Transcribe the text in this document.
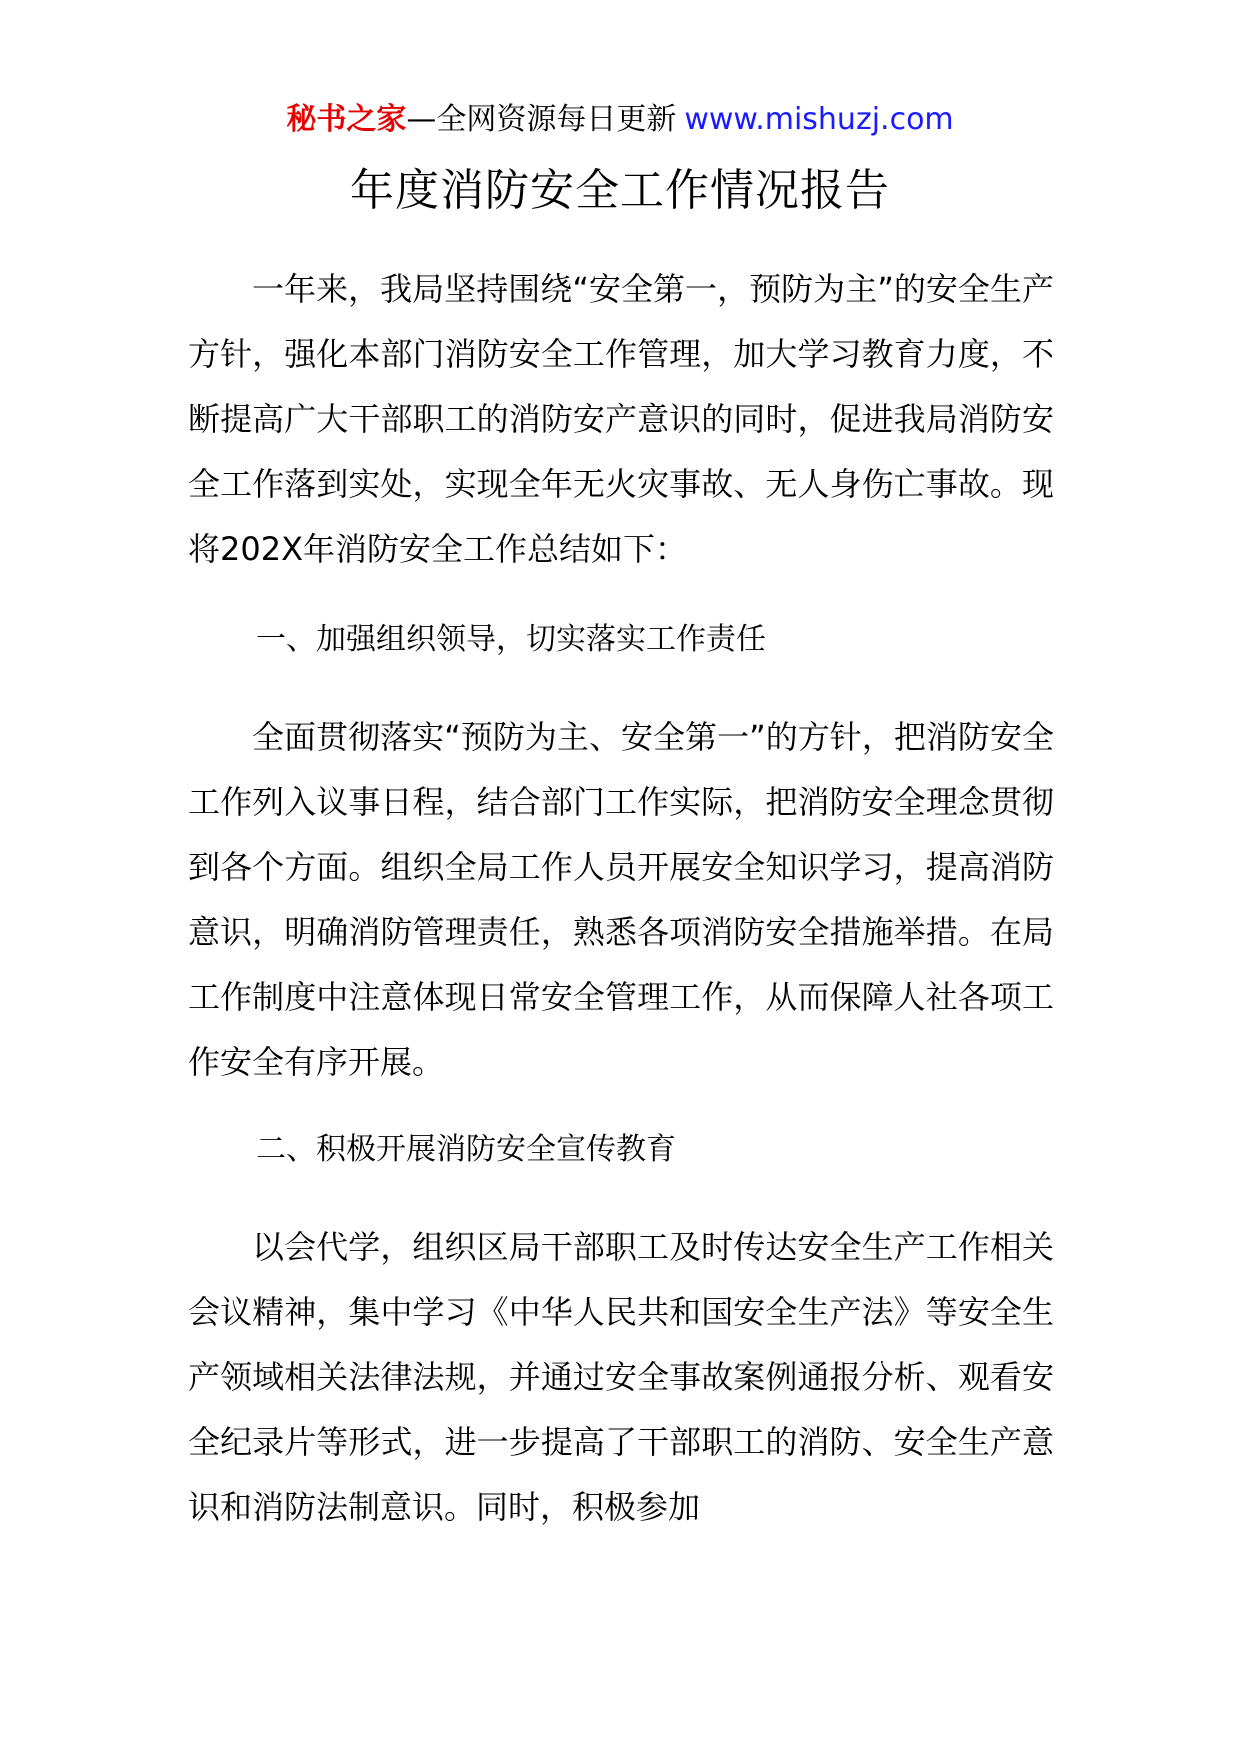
秘书之家—全网资源每日更新 www.mishuzj.com
年度消防安全工作情况报告

一年来，我局坚持围绕“安全第一，预防为主”的安全生产方针，强化本部门消防安全工作管理，加大学习教育力度，不断提高广大干部职工的消防安产意识的同时，促进我局消防安全工作落到实处，实现全年无火灾事故、无人身伤亡事故。现将202X年消防安全工作总结如下：

一、加强组织领导，切实落实工作责任

全面贯彻落实“预防为主、安全第一”的方针，把消防安全工作列入议事日程，结合部门工作实际，把消防安全理念贯彻到各个方面。组织全局工作人员开展安全知识学习，提高消防意识，明确消防管理责任，熟悉各项消防安全措施举措。在局工作制度中注意体现日常安全管理工作，从而保障人社各项工作安全有序开展。

二、积极开展消防安全宣传教育

以会代学，组织区局干部职工及时传达安全生产工作相关会议精神，集中学习《中华人民共和国安全生产法》等安全生产领域相关法律法规，并通过安全事故案例通报分析、观看安全纪录片等形式，进一步提高了干部职工的消防、安全生产意识和消防法制意识。同时，积极参加
